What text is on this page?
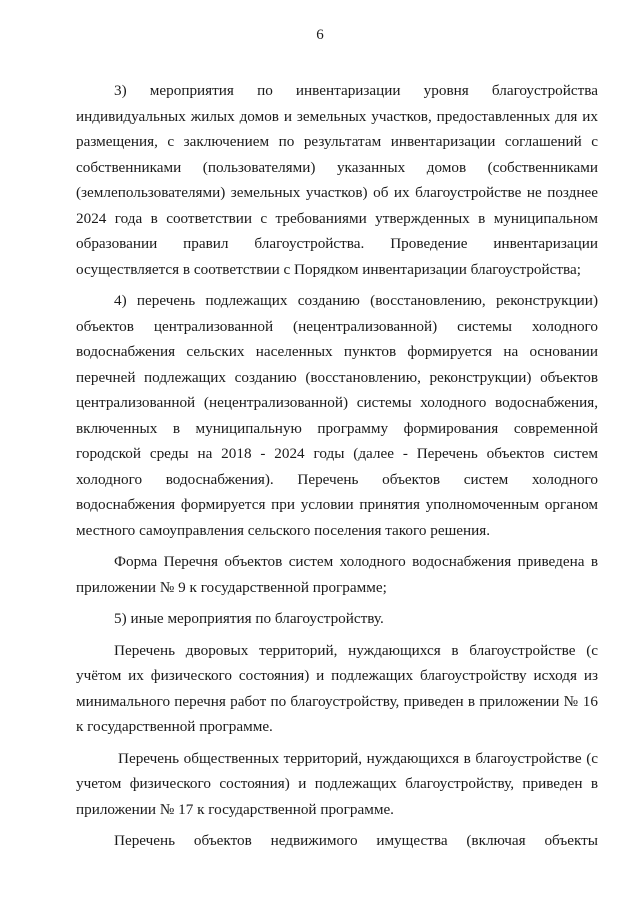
6

3) мероприятия по инвентаризации уровня благоустройства индивидуальных жилых домов и земельных участков, предоставленных для их размещения, с заключением по результатам инвентаризации соглашений с собственниками (пользователями) указанных домов (собственниками (землепользователями) земельных участков) об их благоустройстве не позднее 2024 года в соответствии с требованиями утвержденных в муниципальном образовании правил благоустройства. Проведение инвентаризации осуществляется в соответствии с Порядком инвентаризации благоустройства;

4) перечень подлежащих созданию (восстановлению, реконструкции) объектов централизованной (нецентрализованной) системы холодного водоснабжения сельских населенных пунктов формируется на основании перечней подлежащих созданию (восстановлению, реконструкции) объектов централизованной (нецентрализованной) системы холодного водоснабжения, включенных в муниципальную программу формирования современной городской среды на 2018 - 2024 годы (далее - Перечень объектов систем холодного водоснабжения). Перечень объектов систем холодного водоснабжения формируется при условии принятия уполномоченным органом местного самоуправления сельского поселения такого решения.

Форма Перечня объектов систем холодного водоснабжения приведена в приложении № 9 к государственной программе;

5) иные мероприятия по благоустройству.

Перечень дворовых территорий, нуждающихся в благоустройстве (с учётом их физического состояния) и подлежащих благоустройству исходя из минимального перечня работ по благоустройству, приведен в приложении № 16 к государственной программе.

Перечень общественных территорий, нуждающихся в благоустройстве (с учетом физического состояния) и подлежащих благоустройству, приведен в приложении № 17 к государственной программе.

Перечень объектов недвижимого имущества (включая объекты
